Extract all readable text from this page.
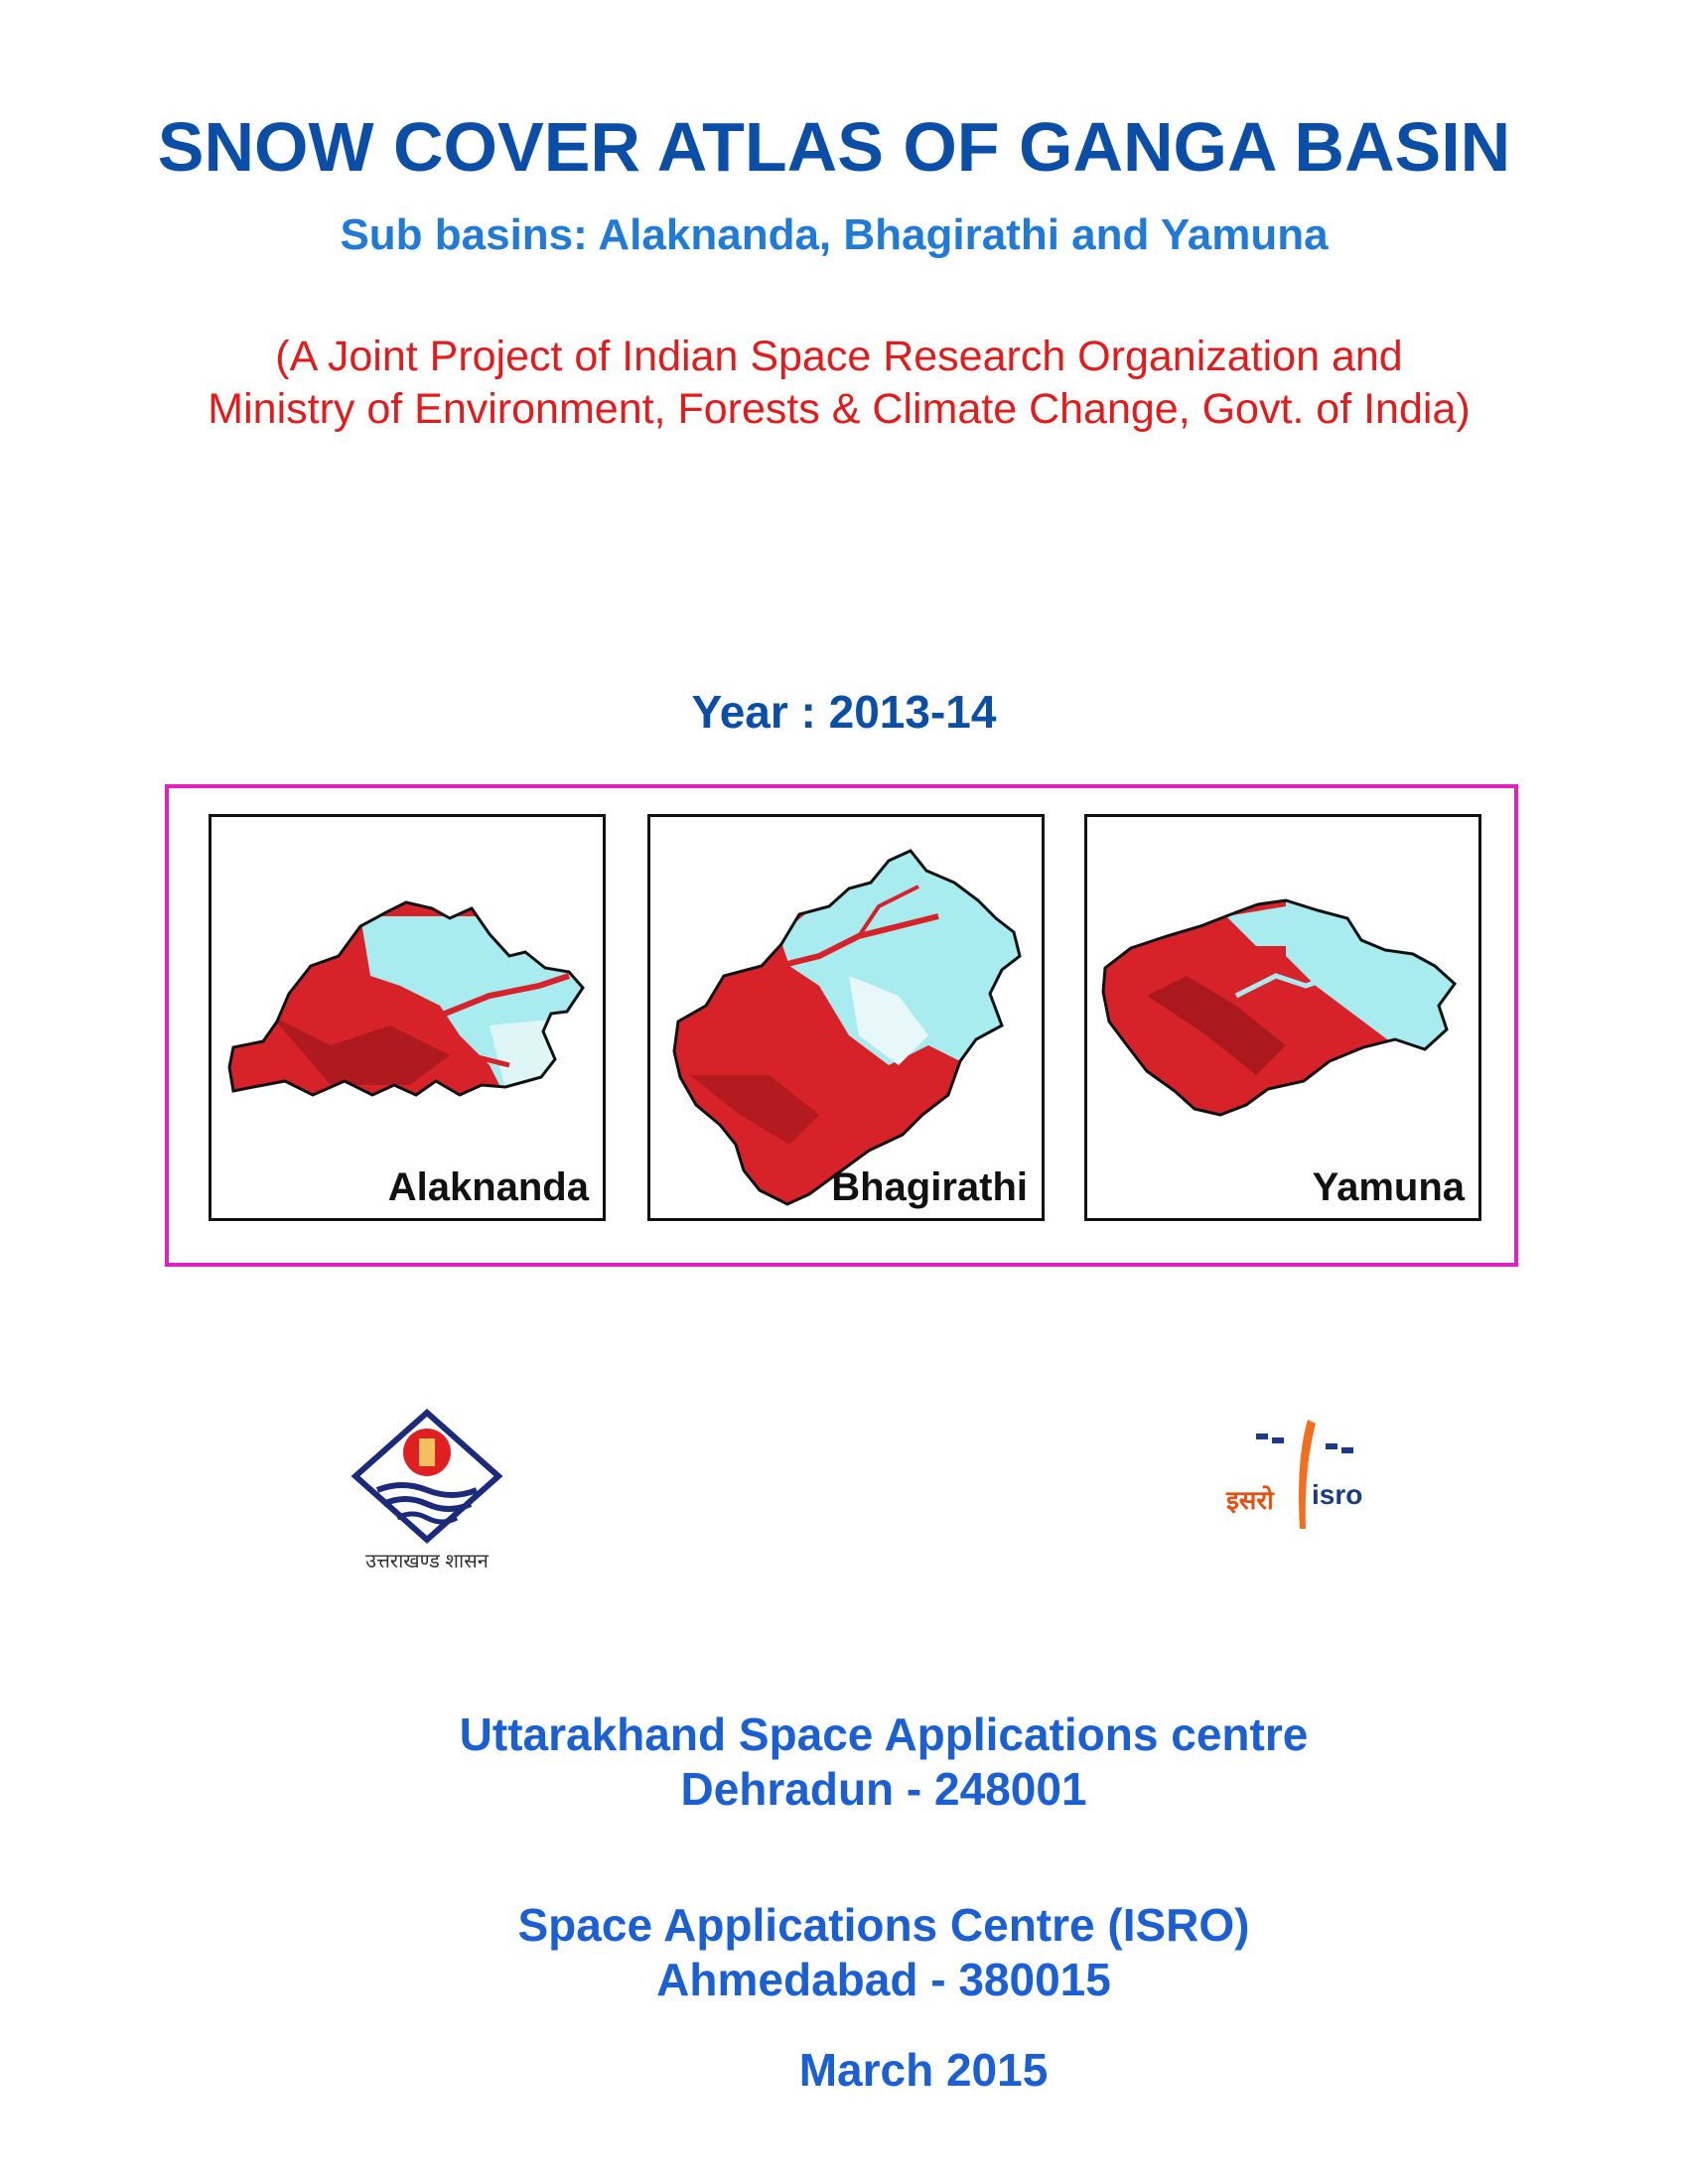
SNOW COVER ATLAS OF GANGA BASIN
Sub basins: Alaknanda, Bhagirathi and Yamuna
(A Joint Project of Indian Space Research Organization and
Ministry of Environment, Forests & Climate Change, Govt. of India)
Year : 2013-14
Alaknanda	Bhagirathi	Yamuna
उत्तराखण्ड शासन
इसरो isro
Uttarakhand Space Applications centre
Dehradun - 248001
Space Applications Centre (ISRO)
Ahmedabad - 380015
March 2015
